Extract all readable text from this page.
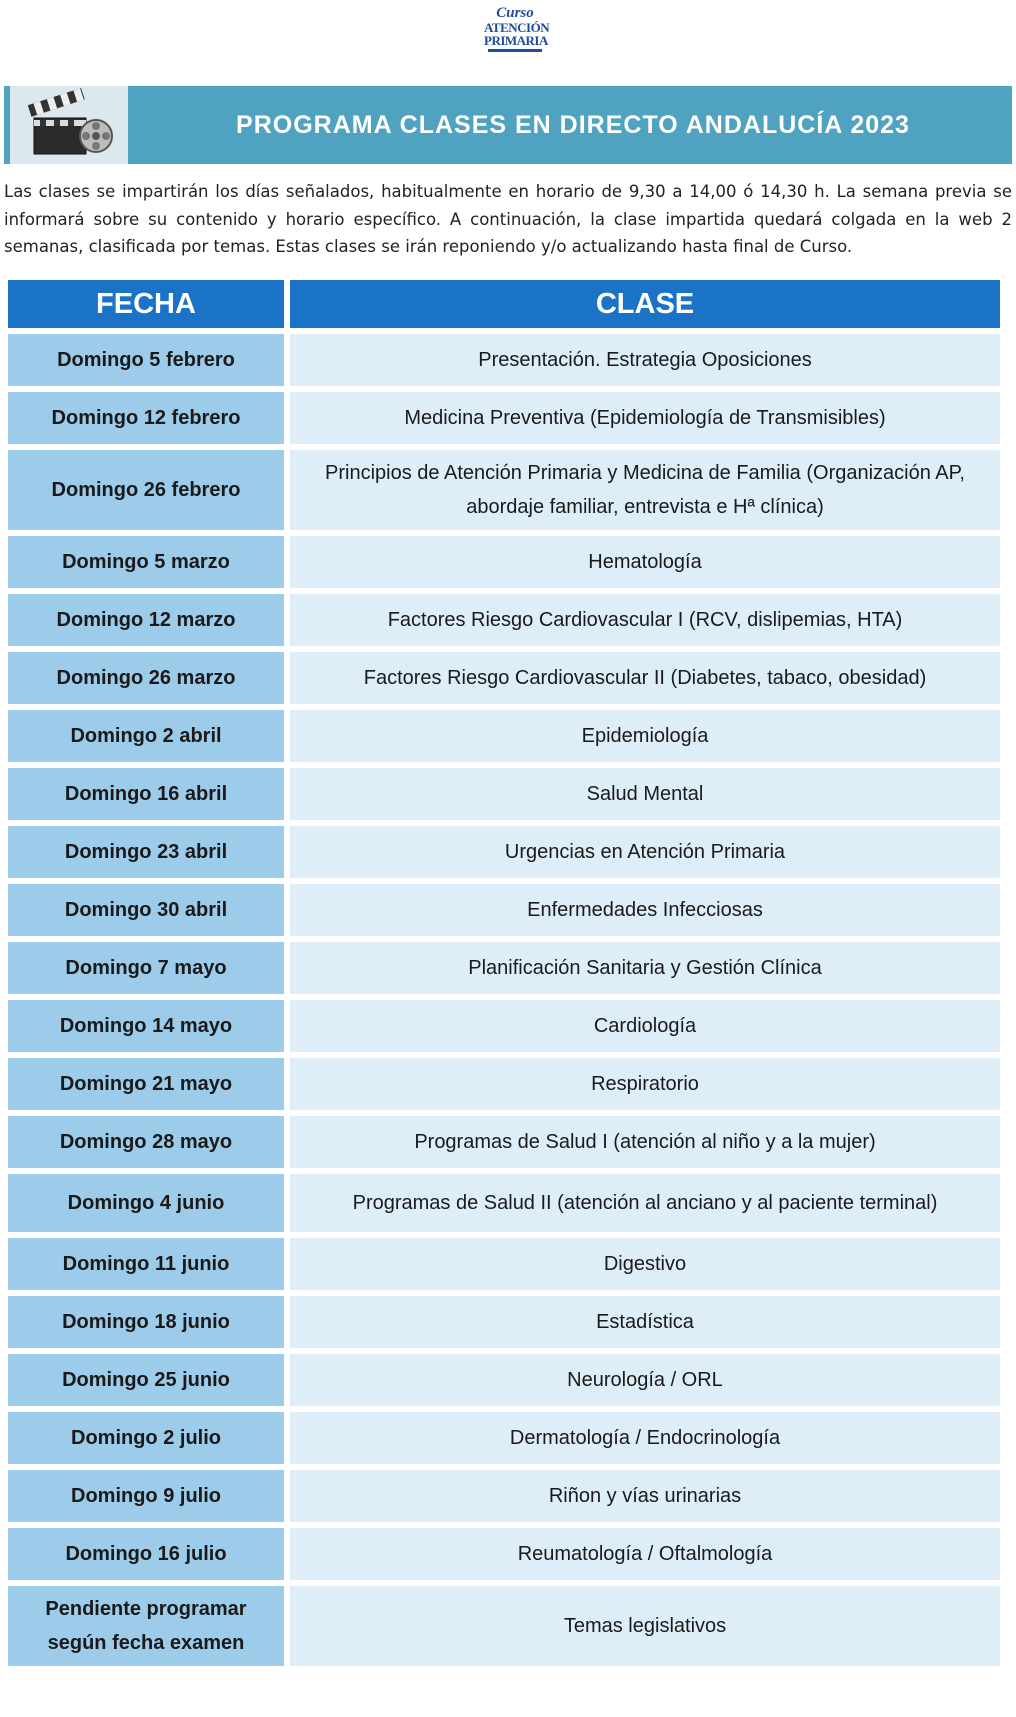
Curso
ATENCIÓN
PRIMARIA
PROGRAMA CLASES EN DIRECTO ANDALUCÍA 2023
Las clases se impartirán los días señalados, habitualmente en horario de 9,30 a 14,00 ó 14,30 h. La semana previa se informará sobre su contenido y horario específico. A continuación, la clase impartida quedará colgada en la web 2 semanas, clasificada por temas. Estas clases se irán reponiendo y/o actualizando hasta final de Curso.
FECHA	CLASE
Domingo 5 febrero	Presentación. Estrategia Oposiciones
Domingo 12 febrero	Medicina Preventiva (Epidemiología de Transmisibles)
Domingo 26 febrero	Principios de Atención Primaria y Medicina de Familia (Organización AP, abordaje familiar, entrevista e Hª clínica)
Domingo 5 marzo	Hematología
Domingo 12 marzo	Factores Riesgo Cardiovascular I (RCV, dislipemias, HTA)
Domingo 26 marzo	Factores Riesgo Cardiovascular II (Diabetes, tabaco, obesidad)
Domingo 2 abril	Epidemiología
Domingo 16 abril	Salud Mental
Domingo 23 abril	Urgencias en Atención Primaria
Domingo 30 abril	Enfermedades Infecciosas
Domingo 7 mayo	Planificación Sanitaria y Gestión Clínica
Domingo 14 mayo	Cardiología
Domingo 21 mayo	Respiratorio
Domingo 28 mayo	Programas de Salud I (atención al niño y a la mujer)
Domingo 4 junio	Programas de Salud II (atención al anciano y al paciente terminal)
Domingo 11 junio	Digestivo
Domingo 18 junio	Estadística
Domingo 25 junio	Neurología / ORL
Domingo 2 julio	Dermatología / Endocrinología
Domingo 9 julio	Riñon y vías urinarias
Domingo 16 julio	Reumatología / Oftalmología
Pendiente programar según fecha examen	Temas legislativos
